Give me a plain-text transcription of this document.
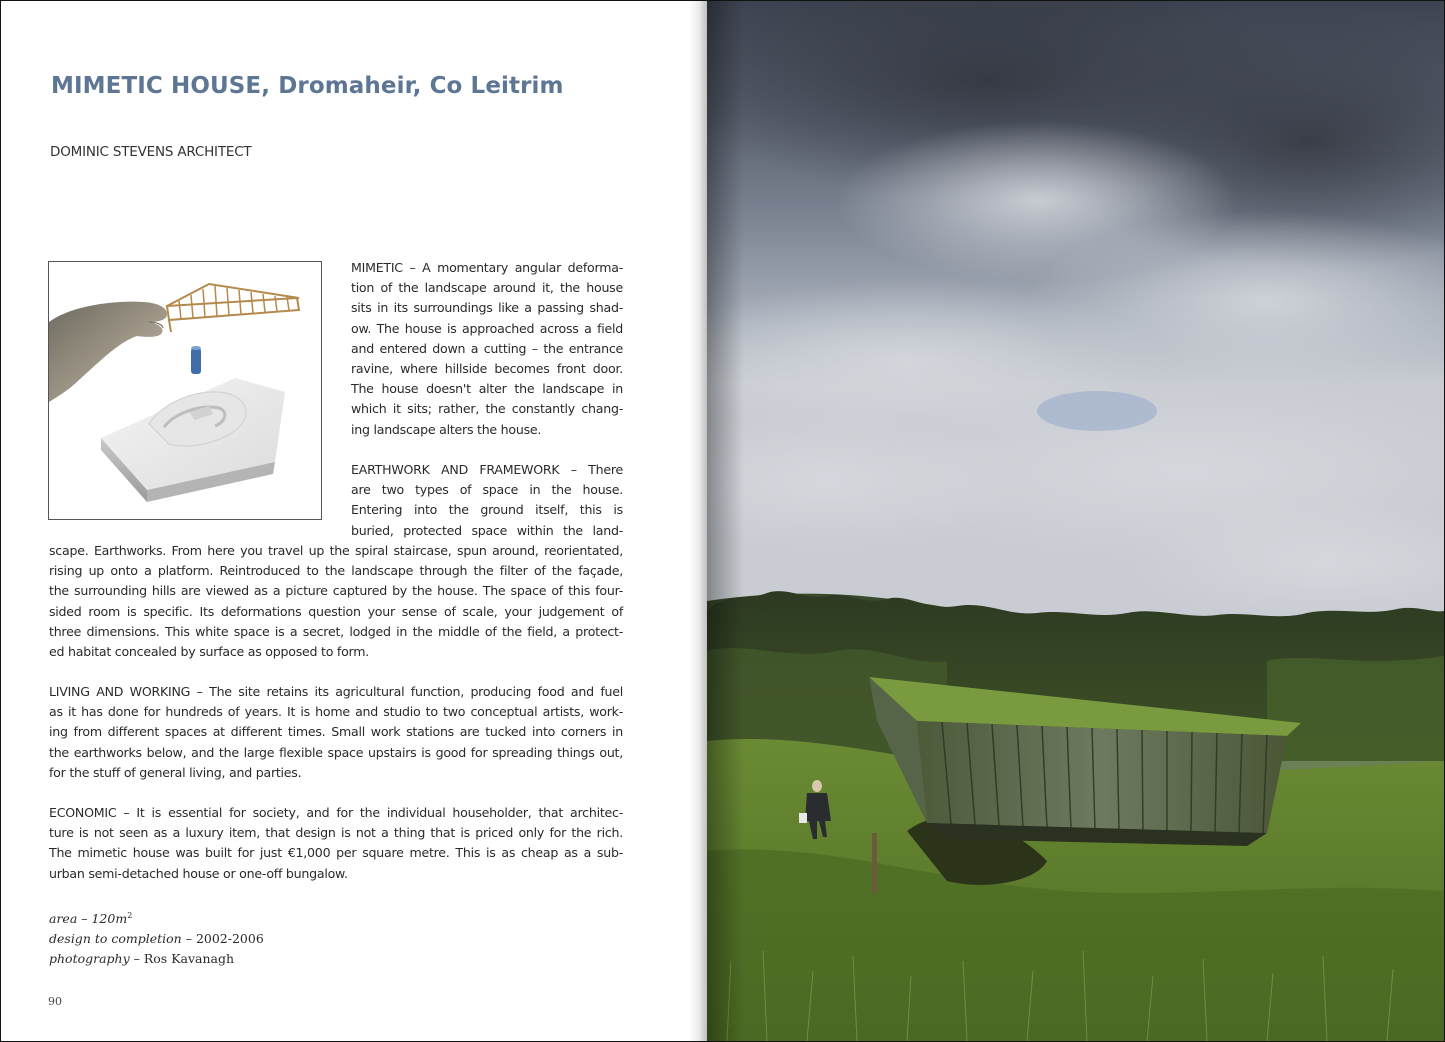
MIMETIC HOUSE, Dromaheir, Co Leitrim
DOMINIC STEVENS ARCHITECT
MIMETIC – A momentary angular deforma-
tion of the landscape around it, the house
sits in its surroundings like a passing shad-
ow. The house is approached across a field
and entered down a cutting – the entrance
ravine, where hillside becomes front door.
The house doesn't alter the landscape in
which it sits; rather, the constantly chang-
ing landscape alters the house.
EARTHWORK AND FRAMEWORK – There
are two types of space in the house.
Entering into the ground itself, this is
buried, protected space within the land-
scape. Earthworks. From here you travel up the spiral staircase, spun around, reorientated,
rising up onto a platform. Reintroduced to the landscape through the filter of the façade,
the surrounding hills are viewed as a picture captured by the house. The space of this four-
sided room is specific. Its deformations question your sense of scale, your judgement of
three dimensions. This white space is a secret, lodged in the middle of the field, a protect-
ed habitat concealed by surface as opposed to form.
LIVING AND WORKING – The site retains its agricultural function, producing food and fuel
as it has done for hundreds of years. It is home and studio to two conceptual artists, work-
ing from different spaces at different times. Small work stations are tucked into corners in
the earthworks below, and the large flexible space upstairs is good for spreading things out,
for the stuff of general living, and parties.
ECONOMIC – It is essential for society, and for the individual householder, that architec-
ture is not seen as a luxury item, that design is not a thing that is priced only for the rich.
The mimetic house was built for just €1,000 per square metre. This is as cheap as a sub-
urban semi-detached house or one-off bungalow.
area – $120m^2$
design to completion – 2002-2006
photography – Ros Kavanagh
90
